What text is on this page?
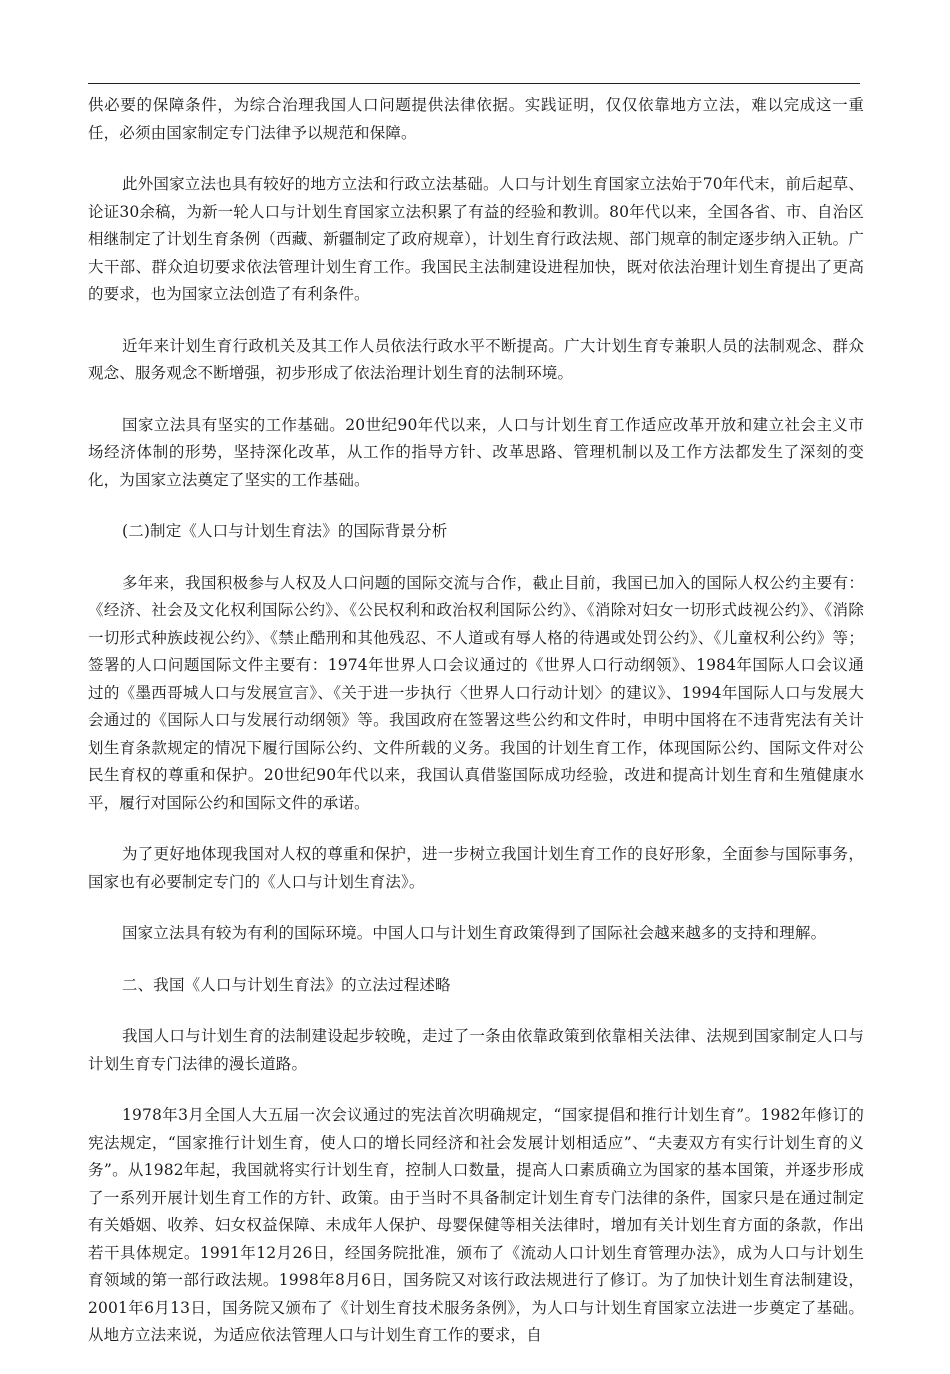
供必要的保障条件，为综合治理我国人口问题提供法律依据。实践证明，仅仅依靠地方立法，难以完成这一重任，必须由国家制定专门法律予以规范和保障。

此外国家立法也具有较好的地方立法和行政立法基础。人口与计划生育国家立法始于70年代末，前后起草、论证30余稿，为新一轮人口与计划生育国家立法积累了有益的经验和教训。80年代以来，全国各省、市、自治区相继制定了计划生育条例（西藏、新疆制定了政府规章），计划生育行政法规、部门规章的制定逐步纳入正轨。广大干部、群众迫切要求依法管理计划生育工作。我国民主法制建设进程加快，既对依法治理计划生育提出了更高的要求，也为国家立法创造了有利条件。

近年来计划生育行政机关及其工作人员依法行政水平不断提高。广大计划生育专兼职人员的法制观念、群众观念、服务观念不断增强，初步形成了依法治理计划生育的法制环境。

国家立法具有坚实的工作基础。20世纪90年代以来，人口与计划生育工作适应改革开放和建立社会主义市场经济体制的形势，坚持深化改革，从工作的指导方针、改革思路、管理机制以及工作方法都发生了深刻的变化，为国家立法奠定了坚实的工作基础。

(二)制定《人口与计划生育法》的国际背景分析

多年来，我国积极参与人权及人口问题的国际交流与合作，截止目前，我国已加入的国际人权公约主要有：《经济、社会及文化权利国际公约》、《公民权利和政治权利国际公约》、《消除对妇女一切形式歧视公约》、《消除一切形式种族歧视公约》、《禁止酷刑和其他残忍、不人道或有辱人格的待遇或处罚公约》、《儿童权利公约》等；签署的人口问题国际文件主要有：1974年世界人口会议通过的《世界人口行动纲领》、1984年国际人口会议通过的《墨西哥城人口与发展宣言》、《关于进一步执行〈世界人口行动计划〉的建议》、1994年国际人口与发展大会通过的《国际人口与发展行动纲领》等。我国政府在签署这些公约和文件时，申明中国将在不违背宪法有关计划生育条款规定的情况下履行国际公约、文件所载的义务。我国的计划生育工作，体现国际公约、国际文件对公民生育权的尊重和保护。20世纪90年代以来，我国认真借鉴国际成功经验，改进和提高计划生育和生殖健康水平，履行对国际公约和国际文件的承诺。

为了更好地体现我国对人权的尊重和保护，进一步树立我国计划生育工作的良好形象，全面参与国际事务，国家也有必要制定专门的《人口与计划生育法》。

国家立法具有较为有利的国际环境。中国人口与计划生育政策得到了国际社会越来越多的支持和理解。

二、我国《人口与计划生育法》的立法过程述略

我国人口与计划生育的法制建设起步较晚，走过了一条由依靠政策到依靠相关法律、法规到国家制定人口与计划生育专门法律的漫长道路。

1978年3月全国人大五届一次会议通过的宪法首次明确规定，“国家提倡和推行计划生育”。1982年修订的宪法规定，“国家推行计划生育，使人口的增长同经济和社会发展计划相适应”、“夫妻双方有实行计划生育的义务”。从1982年起，我国就将实行计划生育，控制人口数量，提高人口素质确立为国家的基本国策，并逐步形成了一系列开展计划生育工作的方针、政策。由于当时不具备制定计划生育专门法律的条件，国家只是在通过制定有关婚姻、收养、妇女权益保障、未成年人保护、母婴保健等相关法律时，增加有关计划生育方面的条款，作出若干具体规定。1991年12月26日，经国务院批准，颁布了《流动人口计划生育管理办法》，成为人口与计划生育领域的第一部行政法规。1998年8月6日，国务院又对该行政法规进行了修订。为了加快计划生育法制建设，2001年6月13日，国务院又颁布了《计划生育技术服务条例》，为人口与计划生育国家立法进一步奠定了基础。从地方立法来说，为适应依法管理人口与计划生育工作的要求，自
